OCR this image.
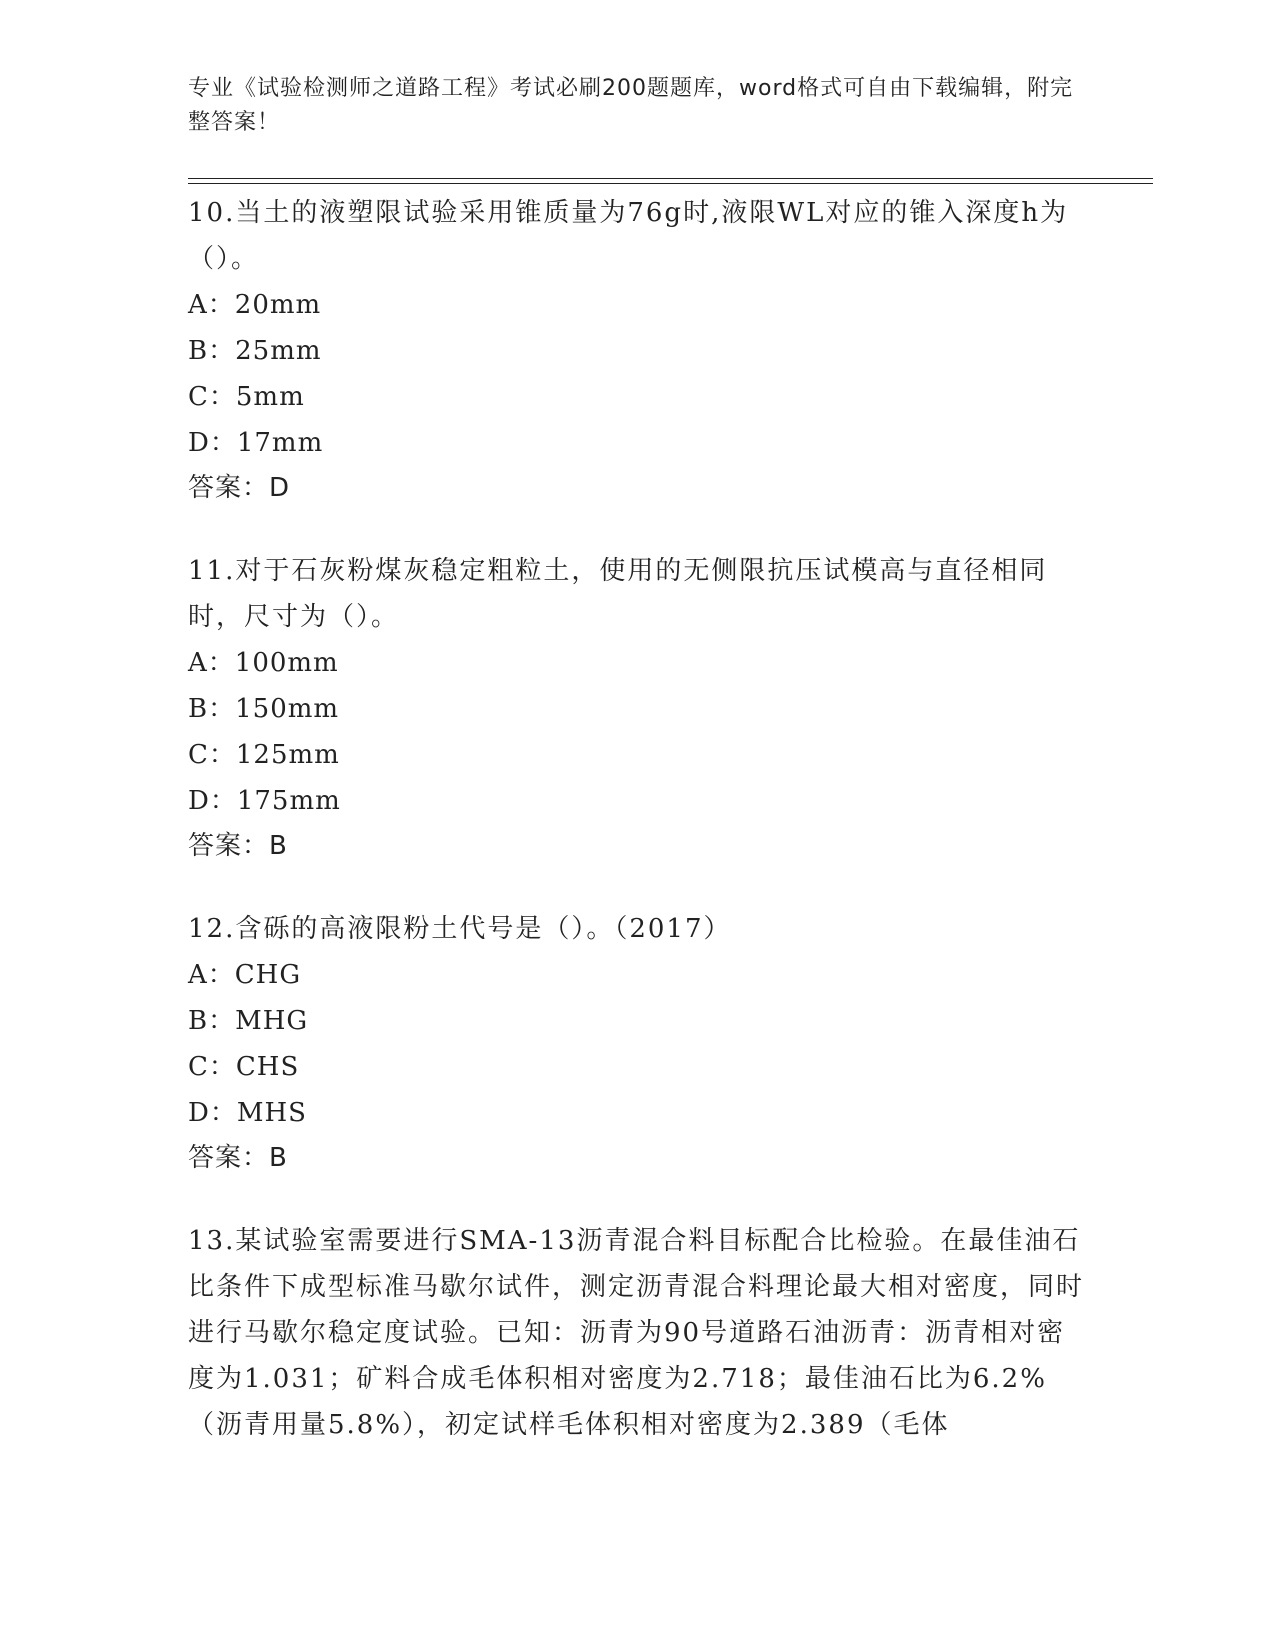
专业《试验检测师之道路工程》考试必刷200题题库，word格式可自由下载编辑，附完整答案！

10.当土的液塑限试验采用锥质量为76g时,液限WL对应的锥入深度h为（）。

A：20mm

B：25mm

C：5mm

D：17mm

答案：D

11.对于石灰粉煤灰稳定粗粒土，使用的无侧限抗压试模高与直径相同时，尺寸为（）。

A：100mm

B：150mm

C：125mm

D：175mm

答案：B

12.含砾的高液限粉土代号是（）。（2017）

A：CHG

B：MHG

C：CHS

D：MHS

答案：B

13.某试验室需要进行SMA-13沥青混合料目标配合比检验。在最佳油石比条件下成型标准马歇尔试件，测定沥青混合料理论最大相对密度，同时进行马歇尔稳定度试验。已知：沥青为90号道路石油沥青：沥青相对密度为1.031；矿料合成毛体积相对密度为2.718；最佳油石比为6.2%（沥青用量5.8%），初定试样毛体积相对密度为2.389（毛体
